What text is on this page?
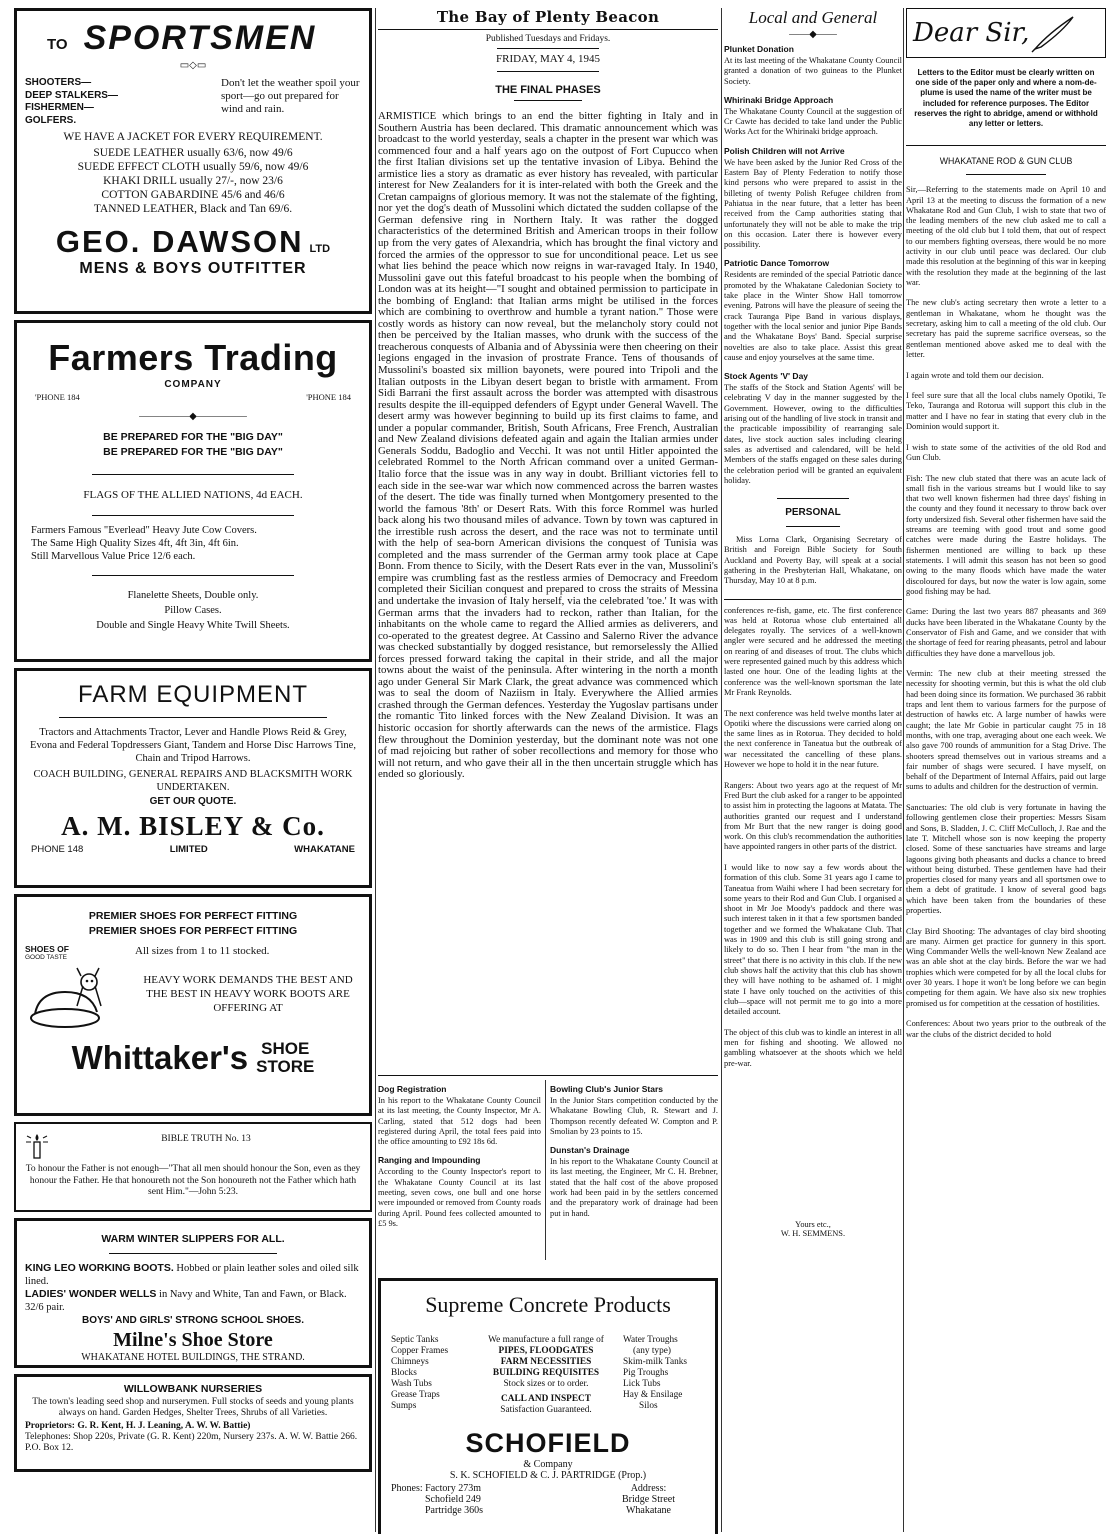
TO SPORTSMEN
▭◇▭
SHOOTERS—
DEEP STALKERS—
FISHERMEN—
GOLFERS.
Don't let the weather spoil your sport—go out prepared for wind and rain.
WE HAVE A JACKET FOR EVERY REQUIREMENT.
SUEDE LEATHER usually 63/6, now 49/6
SUEDE EFFECT CLOTH usually 59/6, now 49/6
KHAKI DRILL usually 27/-, now 23/6
COTTON GABARDINE 45/6 and 46/6
TANNED LEATHER, Black and Tan 69/6.
GEO. DAWSON LTD
MENS & BOYS OUTFITTER
Farmers Trading
COMPANY
'PHONE 184	'PHONE 184
—————◆—————
BE PREPARED FOR THE "BIG DAY"
BE PREPARED FOR THE "BIG DAY"
FLAGS OF THE ALLIED NATIONS, 4d EACH.
Farmers Famous "Everlead" Heavy Jute Cow Covers.
The Same High Quality Sizes 4ft, 4ft 3in, 4ft 6in.
Still Marvellous Value Price 12/6 each.
Flanelette Sheets, Double only.
Pillow Cases.
Double and Single Heavy White Twill Sheets.
FARM EQUIPMENT
Tractors and Attachments Tractor, Lever and Handle Plows Reid & Grey, Evona and Federal Topdressers Giant, Tandem and Horse Disc Harrows Tine, Chain and Tripod Harrows.
COACH BUILDING, GENERAL REPAIRS AND BLACKSMITH WORK UNDERTAKEN.
GET OUR QUOTE.
A. M. BISLEY & Co.
PHONE 148	LIMITED	WHAKATANE
PREMIER SHOES FOR PERFECT FITTING
PREMIER SHOES FOR PERFECT FITTING
SHOES OF
GOOD TASTE
All sizes from 1 to 11 stocked.
HEAVY WORK DEMANDS THE BEST AND THE BEST IN HEAVY WORK BOOTS ARE OFFERING AT
Whittaker's SHOE
STORE
BIBLE TRUTH No. 13
To honour the Father is not enough—"That all men should honour the Son, even as they honour the Father. He that honoureth not the Son honoureth not the Father which hath sent Him."—John 5:23.
WARM WINTER SLIPPERS FOR ALL.
KING LEO WORKING BOOTS. Hobbed or plain leather soles and oiled silk lined.
LADIES' WONDER WELLS in Navy and White, Tan and Fawn, or Black. 32/6 pair.
BOYS' AND GIRLS' STRONG SCHOOL SHOES.
Milne's Shoe Store
WHAKATANE HOTEL BUILDINGS, THE STRAND.
WILLOWBANK NURSERIES
The town's leading seed shop and nurserymen. Full stocks of seeds and young plants always on hand. Garden Hedges, Shelter Trees, Shrubs of all Varieties.
Proprietors: G. R. Kent, H. J. Leaning, A. W. W. Battie)
Telephones: Shop 220s, Private (G. R. Kent) 220m, Nursery 237s. A. W. W. Battie 266. P.O. Box 12.
The Bay of Plenty Beacon
Published Tuesdays and Fridays.
FRIDAY, MAY 4, 1945
THE FINAL PHASES

ARMISTICE which brings to an end the bitter fighting in Italy and in Southern Austria has been declared. This dramatic announcement which was broadcast to the world yesterday, seals a chapter in the present war which was commenced four and a half years ago on the outpost of Fort Cupucco when the first Italian divisions set up the tentative invasion of Libya. Behind the armistice lies a story as dramatic as ever history has revealed, with particular interest for New Zealanders for it is inter-related with both the Greek and the Cretan campaigns of glorious memory. It was not the stalemate of the fighting, nor yet the dog's death of Mussolini which dictated the sudden collapse of the German defensive ring in Northern Italy. It was rather the dogged characteristics of the determined British and American troops in their follow up from the very gates of Alexandria, which has brought the final victory and forced the armies of the oppressor to sue for unconditional peace. Let us see what lies behind the peace which now reigns in war-ravaged Italy. In 1940, Mussolini gave out this fateful broadcast to his people when the bombing of London was at its height—"I sought and obtained permission to participate in the bombing of England: that Italian arms might be utilised in the forces which are combining to overthrow and humble a tyrant nation." Those were costly words as history can now reveal, but the melancholy story could not then be perceived by the Italian masses, who drunk with the success of the treacherous conquests of Albania and of Abyssinia were then cheering on their legions engaged in the invasion of prostrate France. Tens of thousands of Mussolini's boasted six million bayonets, were poured into Tripoli and the Italian outposts in the Libyan desert began to bristle with armament. From Sidi Barrani the first assault across the border was attempted with disastrous results despite the ill-equipped defenders of Egypt under General Wavell. The desert army was however beginning to build up its first claims to fame, and under a popular commander, British, South Africans, Free French, Australian and New Zealand divisions defeated again and again the Italian armies under Generals Soddu, Badoglio and Vecchi. It was not until Hitler appointed the celebrated Rommel to the North African command over a united German-Italio force that the issue was in any way in doubt. Brilliant victories fell to each side in the see-war war which now commenced across the barren wastes of the desert. The tide was finally turned when Montgomery presented to the world the famous '8th' or Desert Rats. With this force Rommel was hurled back along his two thousand miles of advance. Town by town was captured in the irrestible rush across the desert, and the race was not to terminate until with the help of sea-born American divisions the conquest of Tunisia was completed and the mass surrender of the German army took place at Cape Bonn. From thence to Sicily, with the Desert Rats ever in the van, Mussolini's empire was crumbling fast as the restless armies of Democracy and Freedom completed their Sicilian conquest and prepared to cross the straits of Messina and undertake the invasion of Italy herself, via the celebrated 'toe.' It was with German arms that the invaders had to reckon, rather than Italian, for the inhabitants on the whole came to regard the Allied armies as deliverers, and co-operated to the greatest degree. At Cassino and Salerno River the advance was checked substantially by dogged resistance, but remorselessly the Allied forces pressed forward taking the capital in their stride, and all the major towns about the waist of the peninsula. After wintering in the north a month ago under General Sir Mark Clark, the great advance was commenced which was to seal the doom of Naziism in Italy. Everywhere the Allied armies crashed through the German defences. Yesterday the Yugoslav partisans under the romantic Tito linked forces with the New Zealand Division. It was an historic occasion for shortly afterwards can the news of the armistice. Flags flew throughout the Dominion yesterday, but the dominant note was not one of mad rejoicing but rather of sober recollections and memory for those who will not return, and who gave their all in the then uncertain struggle which has ended so gloriously.

Dog Registration
In his report to the Whakatane County Council at its last meeting, the County Inspector, Mr A. Carling, stated that 512 dogs had been registered during April, the total fees paid into the office amounting to £92 18s 6d.
Ranging and Impounding
According to the County Inspector's report to the Whakatane County Council at its last meeting, seven cows, one bull and one horse were impounded or removed from County roads during April. Pound fees collected amounted to £5 9s.
Bowling Club's Junior Stars
In the Junior Stars competition conducted by the Whakatane Bowling Club, R. Stewart and J. Thompson recently defeated W. Compton and P. Smolian by 23 points to 15.
Dunstan's Drainage
In his report to the Whakatane County Council at its last meeting, the Engineer, Mr C. H. Brebner, stated that the half cost of the above proposed work had been paid in by the settlers concerned and the preparatory work of drainage had been put in hand.
Supreme Concrete Products
Septic Tanks
Copper Frames
Chimneys
Blocks
Wash Tubs
Grease Traps
Sumps
We manufacture a full range of
PIPES, FLOODGATES
FARM NECESSITIES
BUILDING REQUISITES
Stock sizes or to order.
CALL AND INSPECT
Satisfaction Guaranteed.
Water Troughs
(any type)
Skim-milk Tanks
Pig Troughs
Lick Tubs
Hay & Ensilage
Silos
SCHOFIELD
& Company
S. K. SCHOFIELD & C. J. PARTRIDGE (Prop.)
Phones: Factory 273m
Schofield 249
Partridge 360s
Address:
Bridge Street
Whakatane
Local and General
——◆——
Plunket Donation
At its last meeting of the Whakatane County Council granted a donation of two guineas to the Plunket Society.
Whirinaki Bridge Approach
The Whakatane County Council at the suggestion of Cr Cawte has decided to take land under the Public Works Act for the Whirinaki bridge approach.
Polish Children will not Arrive
We have been asked by the Junior Red Cross of the Eastern Bay of Plenty Federation to notify those kind persons who were prepared to assist in the billeting of twenty Polish Refugee children from Pahiatua in the near future, that a letter has been received from the Camp authorities stating that unfortunately they will not be able to make the trip on this occasion. Later there is however every possibility.
Patriotic Dance Tomorrow
Residents are reminded of the special Patriotic dance promoted by the Whakatane Caledonian Society to take place in the Winter Show Hall tomorrow evening. Patrons will have the pleasure of seeing the crack Tauranga Pipe Band in various displays, together with the local senior and junior Pipe Bands and the Whakatane Boys' Band. Special surprise novelties are also to take place. Assist this great cause and enjoy yourselves at the same time.
Stock Agents 'V' Day
The staffs of the Stock and Station Agents' will be celebrating V day in the manner suggested by the Government. However, owing to the difficulties arising out of the handling of live stock in transit and the practicable impossibility of rearranging sale dates, live stock auction sales including clearing sales as advertised and calendared, will be held. Members of the staffs engaged on these sales during the celebration period will be granted an equivalent holiday.
PERSONAL
Miss Lorna Clark, Organising Secretary of British and Foreign Bible Society for South Auckland and Poverty Bay, will speak at a social gathering in the Presbyterian Hall, Whakatane, on Thursday, May 10 at 8 p.m.
conferences re-fish, game, etc. The first conference was held at Rotorua whose club entertained all delegates royally. The services of a well-known angler were secured and he addressed the meeting on rearing of and diseases of trout. The clubs which were represented gained much by this address which lasted one hour. One of the leading lights at the conference was the well-known sportsman the late Mr Frank Reynolds.

The next conference was held twelve months later at Opotiki where the discussions were carried along on the same lines as in Rotorua. They decided to hold the next conference in Taneatua but the outbreak of war necessitated the cancelling of these plans. However we hope to hold it in the near future.

Rangers: About two years ago at the request of Mr Fred Burt the club asked for a ranger to be appointed to assist him in protecting the lagoons at Matata. The authorities granted our request and I understand from Mr Burt that the new ranger is doing good work. On this club's recommendation the authorities have appointed rangers in other parts of the district.

I would like to now say a few words about the formation of this club. Some 31 years ago I came to Taneatua from Waihi where I had been secretary for some years to their Rod and Gun Club. I organised a shoot in Mr Joe Moody's paddock and there was such interest taken in it that a few sportsmen banded together and we formed the Whakatane Club. That was in 1909 and this club is still going strong and likely to do so. Then I hear from "the man in the street" that there is no activity in this club. If the new club shows half the activity that this club has shown they will have nothing to be ashamed of. I might state I have only touched on the activities of this club—space will not permit me to go into a more detailed account.

The object of this club was to kindle an interest in all men for fishing and shooting. We allowed no gambling whatsoever at the shoots which we held pre-war.
Yours etc.,
W. H. SEMMENS.
Dear Sir,
Letters to the Editor must be clearly written on one side of the paper only and where a nom-de-plume is used the name of the writer must be included for reference purposes. The Editor reserves the right to abridge, amend or withhold any letter or letters.
WHAKATANE ROD & GUN CLUB
Sir,—Referring to the statements made on April 10 and April 13 at the meeting to discuss the formation of a new Whakatane Rod and Gun Club, I wish to state that two of the leading members of the new club asked me to call a meeting of the old club but I told them, that out of respect to our members fighting overseas, there would be no more activity in our club until peace was declared. Our club made this resolution at the beginning of this war in keeping with the resolution they made at the beginning of the last war.

The new club's acting secretary then wrote a letter to a gentleman in Whakatane, whom he thought was the secretary, asking him to call a meeting of the old club. Our secretary has paid the supreme sacrifice overseas, so the gentleman mentioned above asked me to deal with the letter.

I again wrote and told them our decision.

I feel sure sure that all the local clubs namely Opotiki, Te Teko, Tauranga and Rotorua will support this club in the matter and I have no fear in stating that every club in the Dominion would support it.

I wish to state some of the activities of the old Rod and Gun Club.

Fish: The new club stated that there was an acute lack of small fish in the various streams but I would like to say that two well known fishermen had three days' fishing in the county and they found it necessary to throw back over forty undersized fish. Several other fishermen have said the streams are teeming with good trout and some good catches were made during the Eastre holidays. The fishermen mentioned are willing to back up these statements. I will admit this season has not been so good owing to the many floods which have made the water discoloured for days, but now the water is low again, some good fishing may be had.

Game: During the last two years 887 pheasants and 369 ducks have been liberated in the Whakatane County by the Conservator of Fish and Game, and we consider that with the shortage of feed for rearing pheasants, petrol and labour difficulties they have done a marvellous job.

Vermin: The new club at their meeting stressed the necessity for shooting vermin, but this is what the old club had been doing since its formation. We purchased 36 rabbit traps and lent them to various farmers for the purpose of destruction of hawks etc. A large number of hawks were caught; the late Mr Gobie in particular caught 75 in 18 months, with one trap, averaging about one each week. We also gave 700 rounds of ammunition for a Stag Drive. The shooters spread themselves out in various streams and a fair number of shags were secured. I have myself, on behalf of the Department of Internal Affairs, paid out large sums to adults and children for the destruction of vermin.

Sanctuaries: The old club is very fortunate in having the following gentlemen close their properties: Messrs Sisam and Sons, B. Sladden, J. C. Cliff McCulloch, J. Rae and the late T. Mitchell whose son is now keeping the property closed. Some of these sanctuaries have streams and large lagoons giving both pheasants and ducks a chance to breed without being disturbed. These gentlemen have had their properties closed for many years and all sportsmen owe to them a debt of gratitude. I know of several good bags which have been taken from the boundaries of these properties.

Clay Bird Shooting: The advantages of clay bird shooting are many. Airmen get practice for gunnery in this sport. Wing Commander Wells the well-known New Zealand ace was an able shot at the clay birds. Before the war we had trophies which were competed for by all the local clubs for over 30 years. I hope it won't be long before we can begin competing for them again. We have also six new trophies promised us for competition at the cessation of hostilities.

Conferences: About two years prior to the outbreak of the war the clubs of the district decided to hold
